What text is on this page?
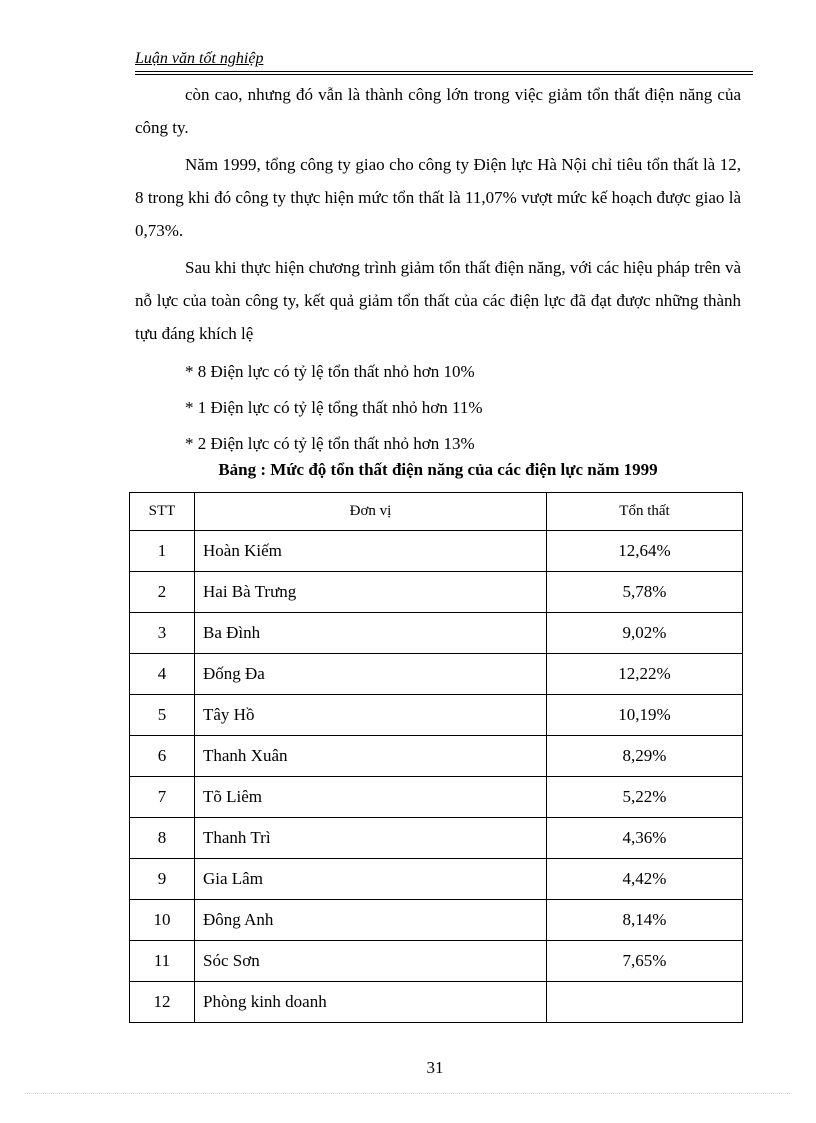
Luận văn tốt nghiệp

còn cao, nhưng đó vẫn là thành công lớn trong việc giảm tổn thất điện năng của công ty.

Năm 1999, tổng công ty giao cho công ty Điện lực Hà Nội chỉ tiêu tổn thất là 12, 8 trong khi đó công ty thực hiện mức tổn thất là 11,07% vượt mức kế hoạch được giao là 0,73%.

Sau khi thực hiện chương trình giảm tổn thất điện năng, với các hiệu pháp trên và nỗ lực của toàn công ty, kết quả giảm tổn thất của các điện lực đã đạt được những thành tựu đáng khích lệ

* 8 Điện lực có tỷ lệ tổn thất nhỏ hơn 10%
* 1 Điện lực có tỷ lệ tổng thất nhỏ hơn 11%
* 2 Điện lực có tỷ lệ tổn thất nhỏ hơn 13%
Bảng : Mức độ tổn thất điện năng của các điện lực năm 1999
STT	Đơn vị	Tổn thất
1	Hoàn Kiếm	12,64%
2	Hai Bà Trưng	5,78%
3	Ba Đình	9,02%
4	Đống Đa	12,22%
5	Tây Hồ	10,19%
6	Thanh Xuân	8,29%
7	Tõ Liêm	5,22%
8	Thanh Trì	4,36%
9	Gia Lâm	4,42%
10	Đông Anh	8,14%
11	Sóc Sơn	7,65%
12	Phòng kinh doanh	
31
